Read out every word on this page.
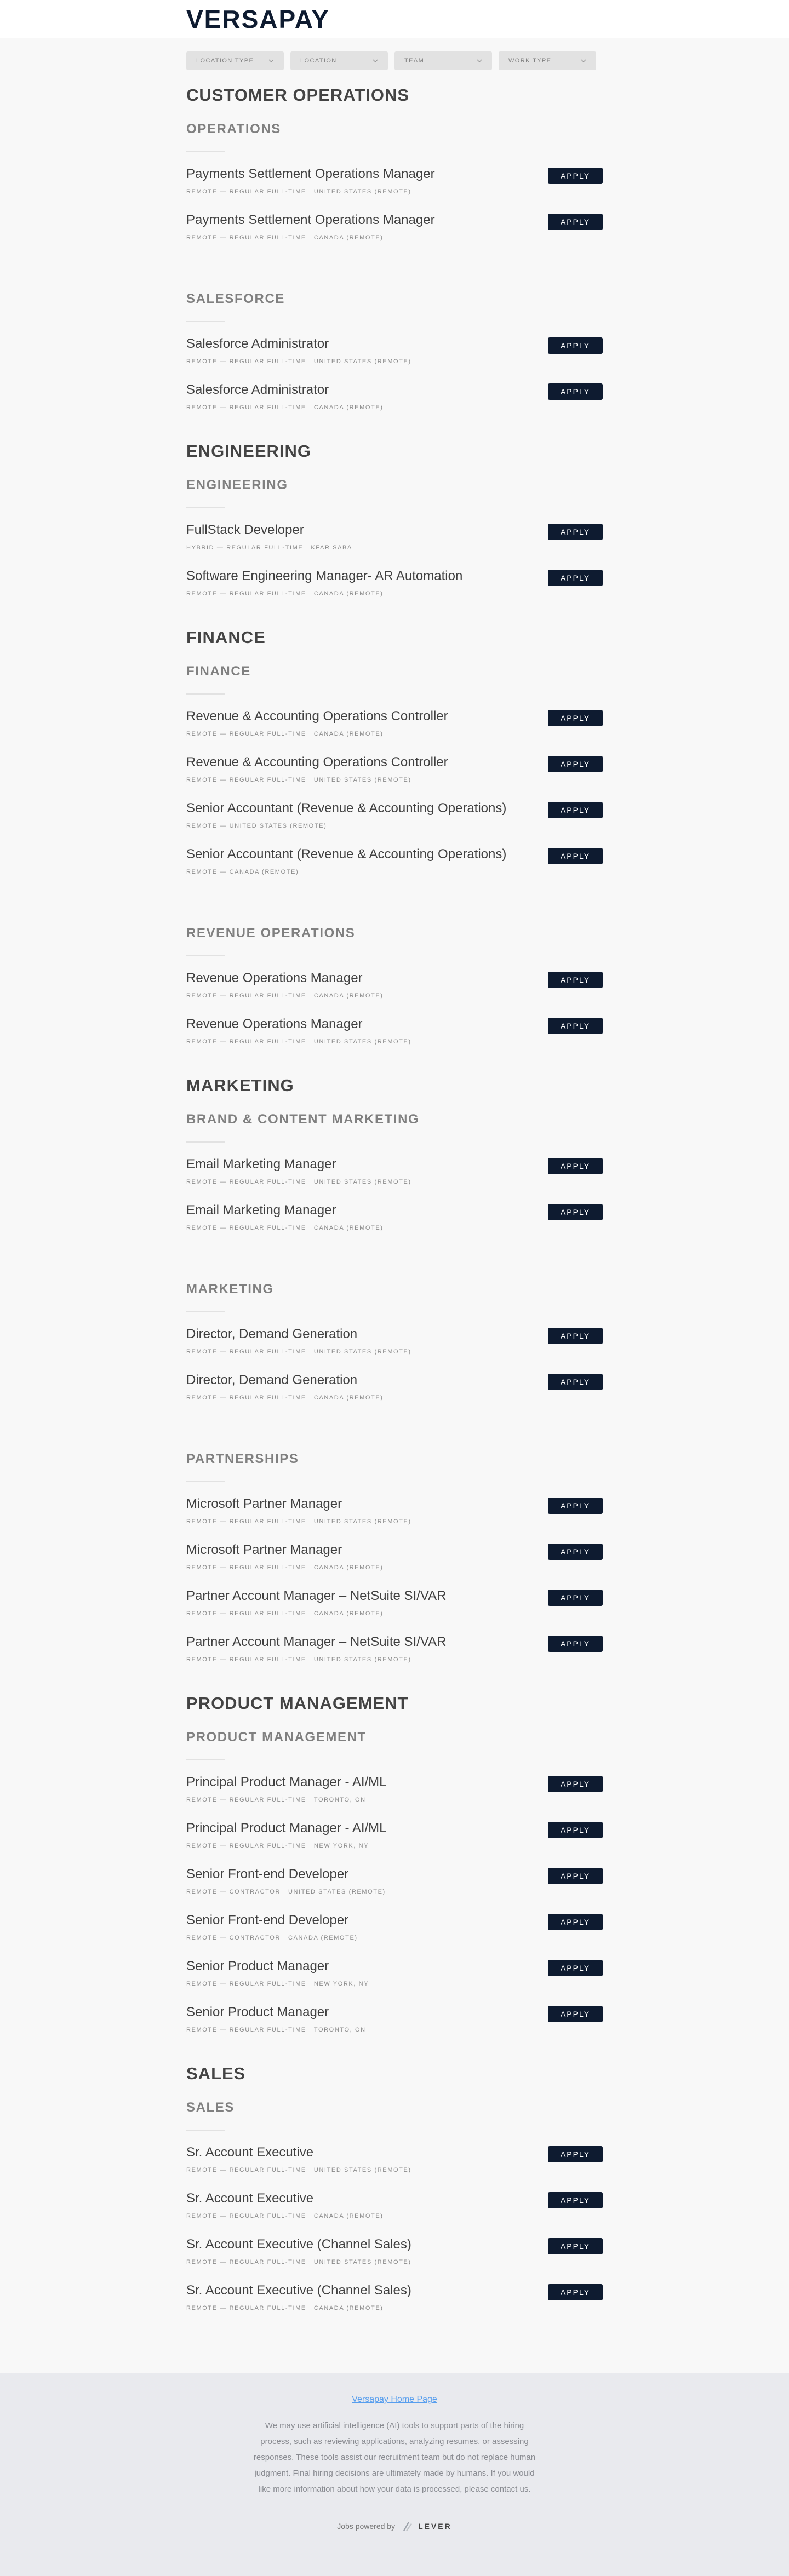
VERSAPAY
LOCATION TYPE	LOCATION	TEAM	WORK TYPE
CUSTOMER OPERATIONS
OPERATIONS
Payments Settlement Operations Manager
REMOTE — REGULAR FULL-TIME UNITED STATES (REMOTE)
APPLY
Payments Settlement Operations Manager
REMOTE — REGULAR FULL-TIME CANADA (REMOTE)
APPLY
SALESFORCE
Salesforce Administrator
REMOTE — REGULAR FULL-TIME UNITED STATES (REMOTE)
APPLY
Salesforce Administrator
REMOTE — REGULAR FULL-TIME CANADA (REMOTE)
APPLY
ENGINEERING
ENGINEERING
FullStack Developer
HYBRID — REGULAR FULL-TIME KFAR SABA
APPLY
Software Engineering Manager- AR Automation
REMOTE — REGULAR FULL-TIME CANADA (REMOTE)
APPLY
FINANCE
FINANCE
Revenue & Accounting Operations Controller
REMOTE — REGULAR FULL-TIME CANADA (REMOTE)
APPLY
Revenue & Accounting Operations Controller
REMOTE — REGULAR FULL-TIME UNITED STATES (REMOTE)
APPLY
Senior Accountant (Revenue & Accounting Operations)
REMOTE — UNITED STATES (REMOTE)
APPLY
Senior Accountant (Revenue & Accounting Operations)
REMOTE — CANADA (REMOTE)
APPLY
REVENUE OPERATIONS
Revenue Operations Manager
REMOTE — REGULAR FULL-TIME CANADA (REMOTE)
APPLY
Revenue Operations Manager
REMOTE — REGULAR FULL-TIME UNITED STATES (REMOTE)
APPLY
MARKETING
BRAND & CONTENT MARKETING
Email Marketing Manager
REMOTE — REGULAR FULL-TIME UNITED STATES (REMOTE)
APPLY
Email Marketing Manager
REMOTE — REGULAR FULL-TIME CANADA (REMOTE)
APPLY
MARKETING
Director, Demand Generation
REMOTE — REGULAR FULL-TIME UNITED STATES (REMOTE)
APPLY
Director, Demand Generation
REMOTE — REGULAR FULL-TIME CANADA (REMOTE)
APPLY
PARTNERSHIPS
Microsoft Partner Manager
REMOTE — REGULAR FULL-TIME UNITED STATES (REMOTE)
APPLY
Microsoft Partner Manager
REMOTE — REGULAR FULL-TIME CANADA (REMOTE)
APPLY
Partner Account Manager – NetSuite SI/VAR
REMOTE — REGULAR FULL-TIME CANADA (REMOTE)
APPLY
Partner Account Manager – NetSuite SI/VAR
REMOTE — REGULAR FULL-TIME UNITED STATES (REMOTE)
APPLY
PRODUCT MANAGEMENT
PRODUCT MANAGEMENT
Principal Product Manager - AI/ML
REMOTE — REGULAR FULL-TIME TORONTO, ON
APPLY
Principal Product Manager - AI/ML
REMOTE — REGULAR FULL-TIME NEW YORK, NY
APPLY
Senior Front-end Developer
REMOTE — CONTRACTOR UNITED STATES (REMOTE)
APPLY
Senior Front-end Developer
REMOTE — CONTRACTOR CANADA (REMOTE)
APPLY
Senior Product Manager
REMOTE — REGULAR FULL-TIME NEW YORK, NY
APPLY
Senior Product Manager
REMOTE — REGULAR FULL-TIME TORONTO, ON
APPLY
SALES
SALES
Sr. Account Executive
REMOTE — REGULAR FULL-TIME UNITED STATES (REMOTE)
APPLY
Sr. Account Executive
REMOTE — REGULAR FULL-TIME CANADA (REMOTE)
APPLY
Sr. Account Executive (Channel Sales)
REMOTE — REGULAR FULL-TIME UNITED STATES (REMOTE)
APPLY
Sr. Account Executive (Channel Sales)
REMOTE — REGULAR FULL-TIME CANADA (REMOTE)
APPLY
Versapay Home Page

We may use artificial intelligence (AI) tools to support parts of the hiring process, such as reviewing applications, analyzing resumes, or assessing responses. These tools assist our recruitment team but do not replace human judgment. Final hiring decisions are ultimately made by humans. If you would like more information about how your data is processed, please contact us.

Jobs powered by	LEVER
